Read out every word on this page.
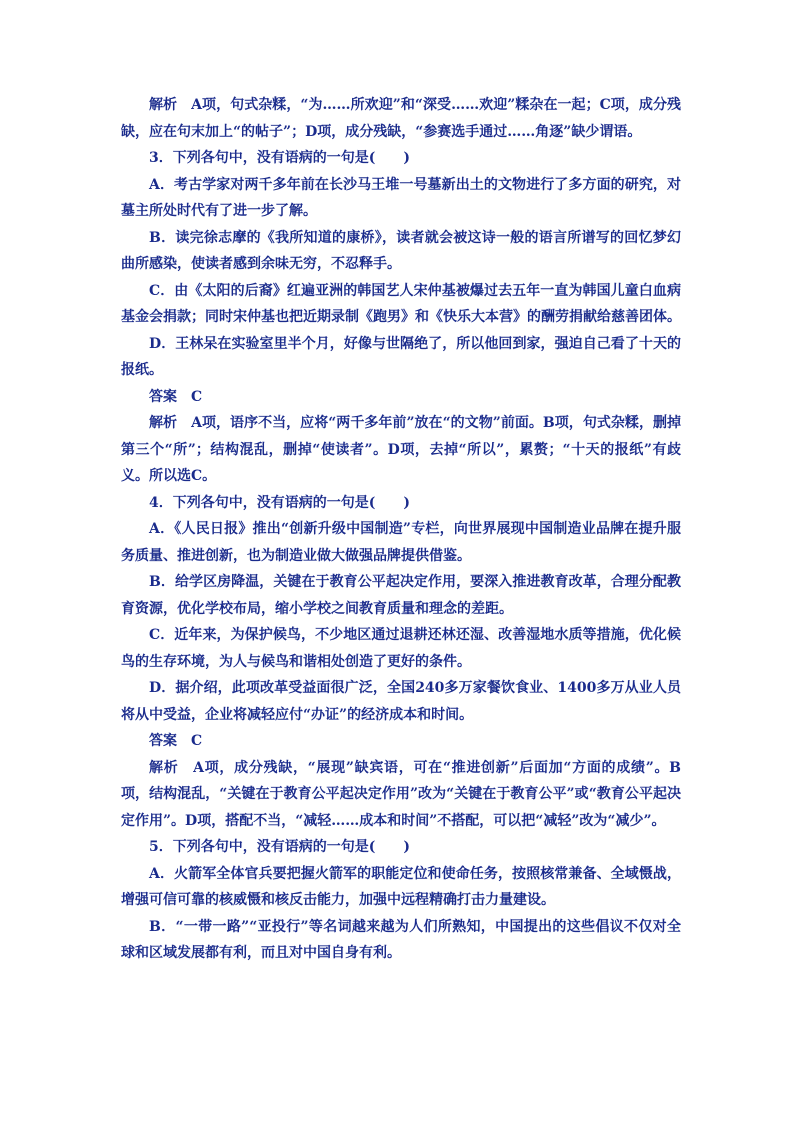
解析　A项，句式杂糅，“为……所欢迎”和“深受……欢迎”糅杂在一起；C项，成分残缺，应在句末加上“的帖子”；D项，成分残缺，“参赛选手通过……角逐”缺少谓语。

3．下列各句中，没有语病的一句是(　　)

A．考古学家对两千多年前在长沙马王堆一号墓新出土的文物进行了多方面的研究，对墓主所处时代有了进一步了解。

B．读完徐志摩的《我所知道的康桥》，读者就会被这诗一般的语言所谱写的回忆梦幻曲所感染，使读者感到余味无穷，不忍释手。

C．由《太阳的后裔》红遍亚洲的韩国艺人宋仲基被爆过去五年一直为韩国儿童白血病基金会捐款；同时宋仲基也把近期录制《跑男》和《快乐大本营》的酬劳捐献给慈善团体。

D．王林呆在实验室里半个月，好像与世隔绝了，所以他回到家，强迫自己看了十天的报纸。

答案　C

解析　A项，语序不当，应将“两千多年前”放在“的文物”前面。B项，句式杂糅，删掉第三个“所”；结构混乱，删掉“使读者”。D项，去掉“所以”，累赘；“十天的报纸”有歧义。所以选C。

4．下列各句中，没有语病的一句是(　　)

A．《人民日报》推出“创新升级中国制造”专栏，向世界展现中国制造业品牌在提升服务质量、推进创新，也为制造业做大做强品牌提供借鉴。

B．给学区房降温，关键在于教育公平起决定作用，要深入推进教育改革，合理分配教育资源，优化学校布局，缩小学校之间教育质量和理念的差距。

C．近年来，为保护候鸟，不少地区通过退耕还林还湿、改善湿地水质等措施，优化候鸟的生存环境，为人与候鸟和谐相处创造了更好的条件。

D．据介绍，此项改革受益面很广泛，全国240多万家餐饮食业、1400多万从业人员将从中受益，企业将减轻应付“办证”的经济成本和时间。

答案　C

解析　A项，成分残缺，“展现”缺宾语，可在“推进创新”后面加“方面的成绩”。B项，结构混乱，“关键在于教育公平起决定作用”改为“关键在于教育公平”或“教育公平起决定作用”。D项，搭配不当，“减轻……成本和时间”不搭配，可以把“减轻”改为“减少”。

5．下列各句中，没有语病的一句是(　　)

A．火箭军全体官兵要把握火箭军的职能定位和使命任务，按照核常兼备、全域慑战，增强可信可靠的核威慑和核反击能力，加强中远程精确打击力量建设。

B．“一带一路”“亚投行”等名词越来越为人们所熟知，中国提出的这些倡议不仅对全球和区域发展都有利，而且对中国自身有利。
